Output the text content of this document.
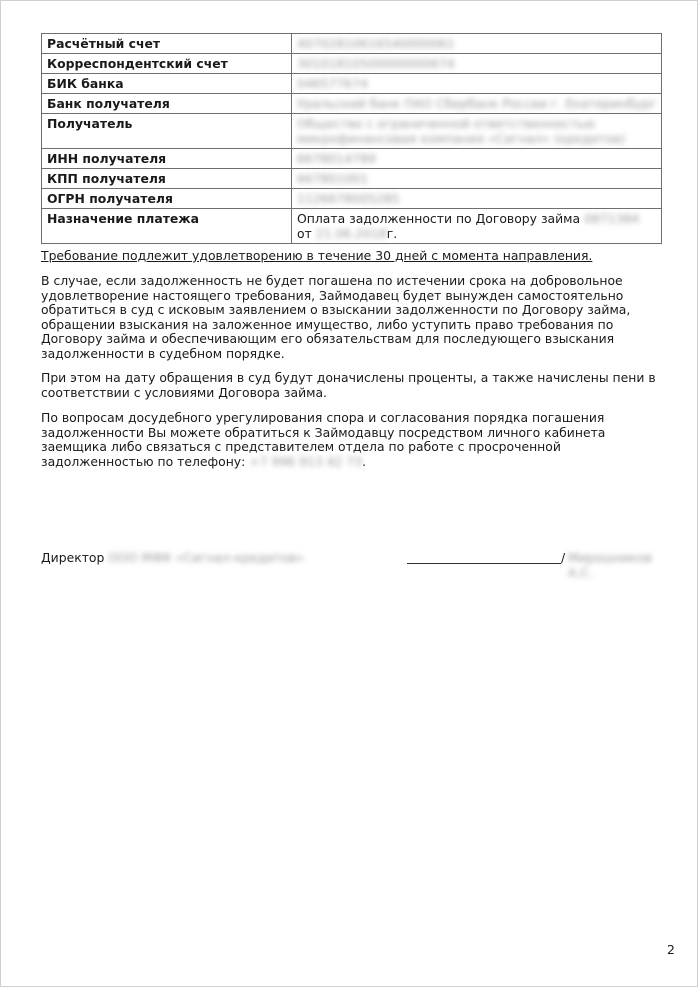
Расчётный счет	40702810616540000061
Корреспондентский счет	30101810500000000674
БИК банка	046577674
Банк получателя	Уральский банк ПАО Сбербанк России г. Екатеринбург
Получатель	Общество с ограниченной ответственностью микрофинансовая компания «Сигнал» (кредитов)
ИНН получателя	6678014789
КПП получателя	667801001
ОГРН получателя	1126678005285
Назначение платежа	Оплата задолженности по Договору займа 0871384 от 21.06.2018г.

Требование подлежит удовлетворению в течение 30 дней с момента направления.

В случае, если задолженность не будет погашена по истечении срока на добровольное удовлетворение настоящего требования, Займодавец будет вынужден самостоятельно обратиться в суд с исковым заявлением о взыскании задолженности по Договору займа, обращении взыскания на заложенное имущество, либо уступить право требования по Договору займа и обеспечивающим его обязательствам для последующего взыскания задолженности в судебном порядке.

При этом на дату обращения в суд будут доначислены проценты, а также начислены пени в соответствии с условиями Договора займа.

По вопросам досудебного урегулирования спора и согласования порядка погашения задолженности Вы можете обратиться к Займодавцу посредством личного кабинета заемщика либо связаться с представителем отдела по работе с просроченной задолженностью по телефону: +7 996 913 42 73.

Директор ООО МФК «Сигнал-кредитов»	/ Мирошников А.С.
2
